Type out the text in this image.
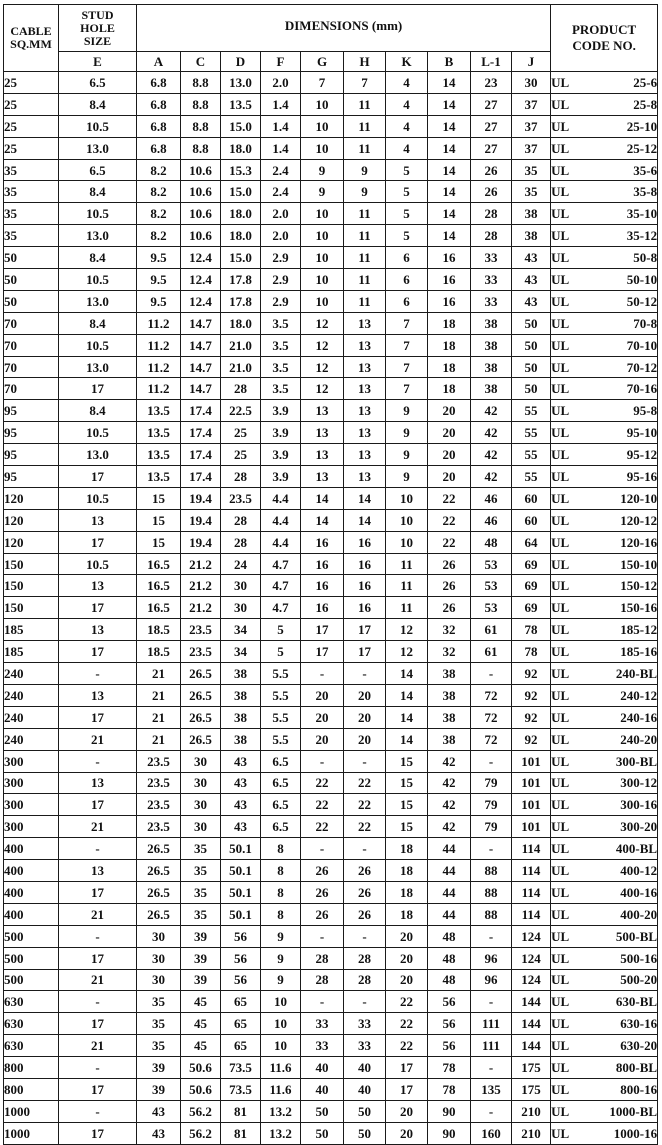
CABLE SQ.MM	STUD HOLE SIZE	DIMENSIONS (mm)										PRODUCT CODE NO.
	E	A	C	D	F	G	H	K	B	L-1	J	
25	6.5	6.8	8.8	13.0	2.0	7	7	4	14	23	30	UL 25-6

25	8.4	6.8	8.8	13.5	1.4	10	11	4	14	27	37	UL 25-8

25	10.5	6.8	8.8	15.0	1.4	10	11	4	14	27	37	UL 25-10

25	13.0	6.8	8.8	18.0	1.4	10	11	4	14	27	37	UL 25-12

35	6.5	8.2	10.6	15.3	2.4	9	9	5	14	26	35	UL 35-6

35	8.4	8.2	10.6	15.0	2.4	9	9	5	14	26	35	UL 35-8

35	10.5	8.2	10.6	18.0	2.0	10	11	5	14	28	38	UL 35-10

35	13.0	8.2	10.6	18.0	2.0	10	11	5	14	28	38	UL 35-12

50	8.4	9.5	12.4	15.0	2.9	10	11	6	16	33	43	UL 50-8

50	10.5	9.5	12.4	17.8	2.9	10	11	6	16	33	43	UL 50-10

50	13.0	9.5	12.4	17.8	2.9	10	11	6	16	33	43	UL 50-12

70	8.4	11.2	14.7	18.0	3.5	12	13	7	18	38	50	UL 70-8

70	10.5	11.2	14.7	21.0	3.5	12	13	7	18	38	50	UL 70-10

70	13.0	11.2	14.7	21.0	3.5	12	13	7	18	38	50	UL 70-12

70	17	11.2	14.7	28	3.5	12	13	7	18	38	50	UL 70-16

95	8.4	13.5	17.4	22.5	3.9	13	13	9	20	42	55	UL 95-8

95	10.5	13.5	17.4	25	3.9	13	13	9	20	42	55	UL 95-10

95	13.0	13.5	17.4	25	3.9	13	13	9	20	42	55	UL 95-12

95	17	13.5	17.4	28	3.9	13	13	9	20	42	55	UL 95-16

120	10.5	15	19.4	23.5	4.4	14	14	10	22	46	60	UL 120-10

120	13	15	19.4	28	4.4	14	14	10	22	46	60	UL 120-12

120	17	15	19.4	28	4.4	16	16	10	22	48	64	UL 120-16

150	10.5	16.5	21.2	24	4.7	16	16	11	26	53	69	UL 150-10

150	13	16.5	21.2	30	4.7	16	16	11	26	53	69	UL 150-12

150	17	16.5	21.2	30	4.7	16	16	11	26	53	69	UL 150-16

185	13	18.5	23.5	34	5	17	17	12	32	61	78	UL 185-12

185	17	18.5	23.5	34	5	17	17	12	32	61	78	UL 185-16

240	-	21	26.5	38	5.5	-	-	14	38	-	92	UL 240-BL

240	13	21	26.5	38	5.5	20	20	14	38	72	92	UL 240-12

240	17	21	26.5	38	5.5	20	20	14	38	72	92	UL 240-16

240	21	21	26.5	38	5.5	20	20	14	38	72	92	UL 240-20

300	-	23.5	30	43	6.5	-	-	15	42	-	101	UL 300-BL

300	13	23.5	30	43	6.5	22	22	15	42	79	101	UL 300-12

300	17	23.5	30	43	6.5	22	22	15	42	79	101	UL 300-16

300	21	23.5	30	43	6.5	22	22	15	42	79	101	UL 300-20

400	-	26.5	35	50.1	8	-	-	18	44	-	114	UL 400-BL

400	13	26.5	35	50.1	8	26	26	18	44	88	114	UL 400-12

400	17	26.5	35	50.1	8	26	26	18	44	88	114	UL 400-16

400	21	26.5	35	50.1	8	26	26	18	44	88	114	UL 400-20

500	-	30	39	56	9	-	-	20	48	-	124	UL 500-BL

500	17	30	39	56	9	28	28	20	48	96	124	UL 500-16

500	21	30	39	56	9	28	28	20	48	96	124	UL 500-20

630	-	35	45	65	10	-	-	22	56	-	144	UL 630-BL

630	17	35	45	65	10	33	33	22	56	111	144	UL 630-16

630	21	35	45	65	10	33	33	22	56	111	144	UL 630-20

800	-	39	50.6	73.5	11.6	40	40	17	78	-	175	UL 800-BL

800	17	39	50.6	73.5	11.6	40	40	17	78	135	175	UL 800-16

1000	-	43	56.2	81	13.2	50	50	20	90	-	210	UL 1000-BL

1000	17	43	56.2	81	13.2	50	50	20	90	160	210	UL 1000-16
